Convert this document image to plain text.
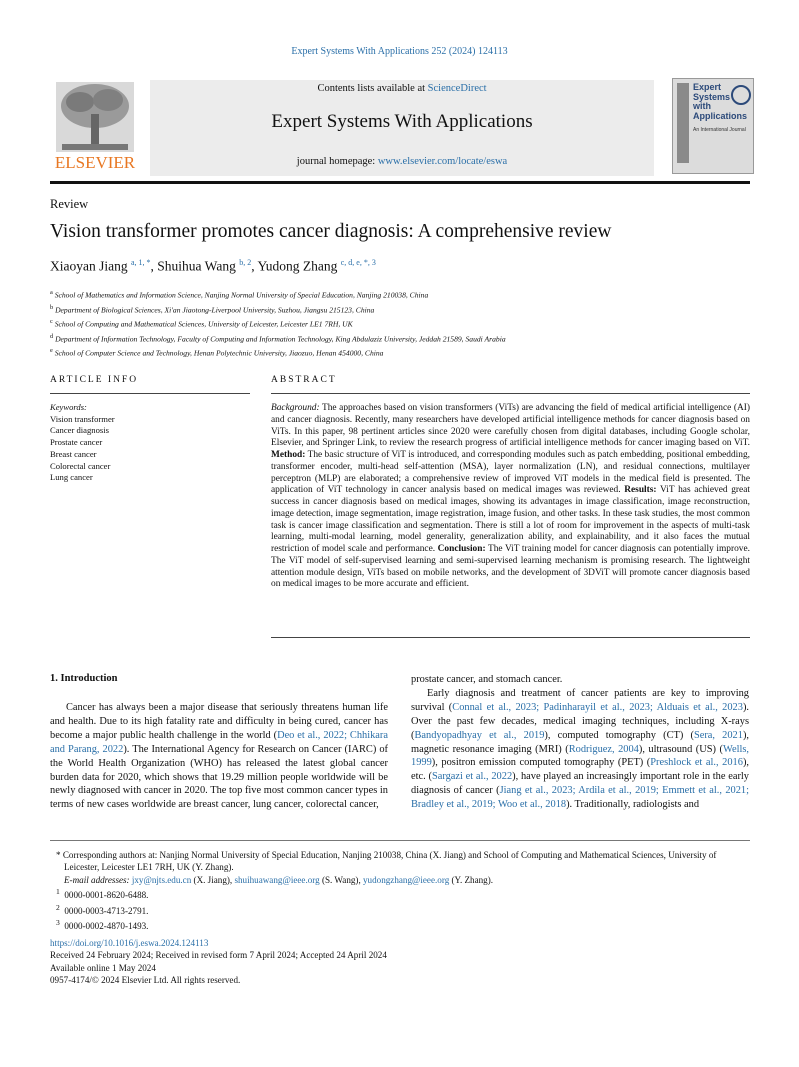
Expert Systems With Applications 252 (2024) 124113
ELSEVIER
Contents lists available at ScienceDirect
Expert Systems With Applications
journal homepage: www.elsevier.com/locate/eswa
Expert
Systems
with
Applications
An International Journal
Review
Vision transformer promotes cancer diagnosis: A comprehensive review
Xiaoyan Jiang $^{a, 1, *}$, Shuihua Wang $^{b, 2}$, Yudong Zhang $^{c, d, e, *, 3}$
$^a$ School of Mathematics and Information Science, Nanjing Normal University of Special Education, Nanjing 210038, China
$^b$ Department of Biological Sciences, Xi'an Jiaotong-Liverpool University, Suzhou, Jiangsu 215123, China
$^c$ School of Computing and Mathematical Sciences, University of Leicester, Leicester LE1 7RH, UK
$^d$ Department of Information Technology, Faculty of Computing and Information Technology, King Abdulaziz University, Jeddah 21589, Saudi Arabia
$^e$ School of Computer Science and Technology, Henan Polytechnic University, Jiaozuo, Henan 454000, China
ARTICLE INFO	ABSTRACT
Keywords:
Vision transformer
Cancer diagnosis
Prostate cancer
Breast cancer
Colorectal cancer
Lung cancer
Background: The approaches based on vision transformers (ViTs) are advancing the field of medical artificial intelligence (AI) and cancer diagnosis. Recently, many researchers have developed artificial intelligence methods for cancer diagnosis based on ViTs. In this paper, 98 pertinent articles since 2020 were carefully chosen from digital databases, including Google scholar, Elsevier, and Springer Link, to review the research progress of artificial intelligence methods for cancer imaging based on ViT. Method: The basic structure of ViT is introduced, and corresponding modules such as patch embedding, positional embedding, transformer encoder, multi-head self-attention (MSA), layer normalization (LN), and residual connections, multilayer perceptron (MLP) are elaborated; a comprehensive review of improved ViT models in the medical field is presented. The application of ViT technology in cancer analysis based on medical images was reviewed. Results: ViT has achieved great success in cancer diagnosis based on medical images, showing its advantages in image classification, image reconstruction, image detection, image segmentation, image registration, image fusion, and other tasks. In these task studies, the most common task is cancer image classification and segmentation. There is still a lot of room for improvement in the aspects of multi-task learning, multi-modal learning, model generality, generalization ability, and explainability, and it also faces the mutual restriction of model scale and performance. Conclusion: The ViT training model for cancer diagnosis can potentially improve. The ViT model of self-supervised learning and semi-supervised learning mechanism is promising research. The lightweight attention module design, ViTs based on mobile networks, and the development of 3DViT will promote cancer diagnosis based on medical images to be more accurate and efficient.
1. Introduction
Cancer has always been a major disease that seriously threatens human life and health. Due to its high fatality rate and difficulty in being cured, cancer has become a major public health challenge in the world (Deo et al., 2022; Chhikara and Parang, 2022). The International Agency for Research on Cancer (IARC) of the World Health Organization (WHO) has released the latest global cancer burden data for 2020, which shows that 19.29 million people worldwide will be newly diagnosed with cancer in 2020. The top five most common cancer types in terms of new cases worldwide are breast cancer, lung cancer, colorectal cancer,
prostate cancer, and stomach cancer.
Early diagnosis and treatment of cancer patients are key to improving survival (Connal et al., 2023; Padinharayil et al., 2023; Alduais et al., 2023). Over the past few decades, medical imaging techniques, including X-rays (Bandyopadhyay et al., 2019), computed tomography (CT) (Sera, 2021), magnetic resonance imaging (MRI) (Rodriguez, 2004), ultrasound (US) (Wells, 1999), positron emission computed tomography (PET) (Preshlock et al., 2016), etc. (Sargazi et al., 2022), have played an increasingly important role in the early diagnosis of cancer (Jiang et al., 2023; Ardila et al., 2019; Emmett et al., 2021; Bradley et al., 2019; Woo et al., 2018). Traditionally, radiologists and
* Corresponding authors at: Nanjing Normal University of Special Education, Nanjing 210038, China (X. Jiang) and School of Computing and Mathematical Sciences, University of Leicester, Leicester LE1 7RH, UK (Y. Zhang).
E-mail addresses: jxy@njts.edu.cn (X. Jiang), shuihuawang@ieee.org (S. Wang), yudongzhang@ieee.org (Y. Zhang).
$^1$ 0000-0001-8620-6488.
$^2$ 0000-0003-4713-2791.
$^3$ 0000-0002-4870-1493.
https://doi.org/10.1016/j.eswa.2024.124113
Received 24 February 2024; Received in revised form 7 April 2024; Accepted 24 April 2024
Available online 1 May 2024
0957-4174/© 2024 Elsevier Ltd. All rights reserved.
